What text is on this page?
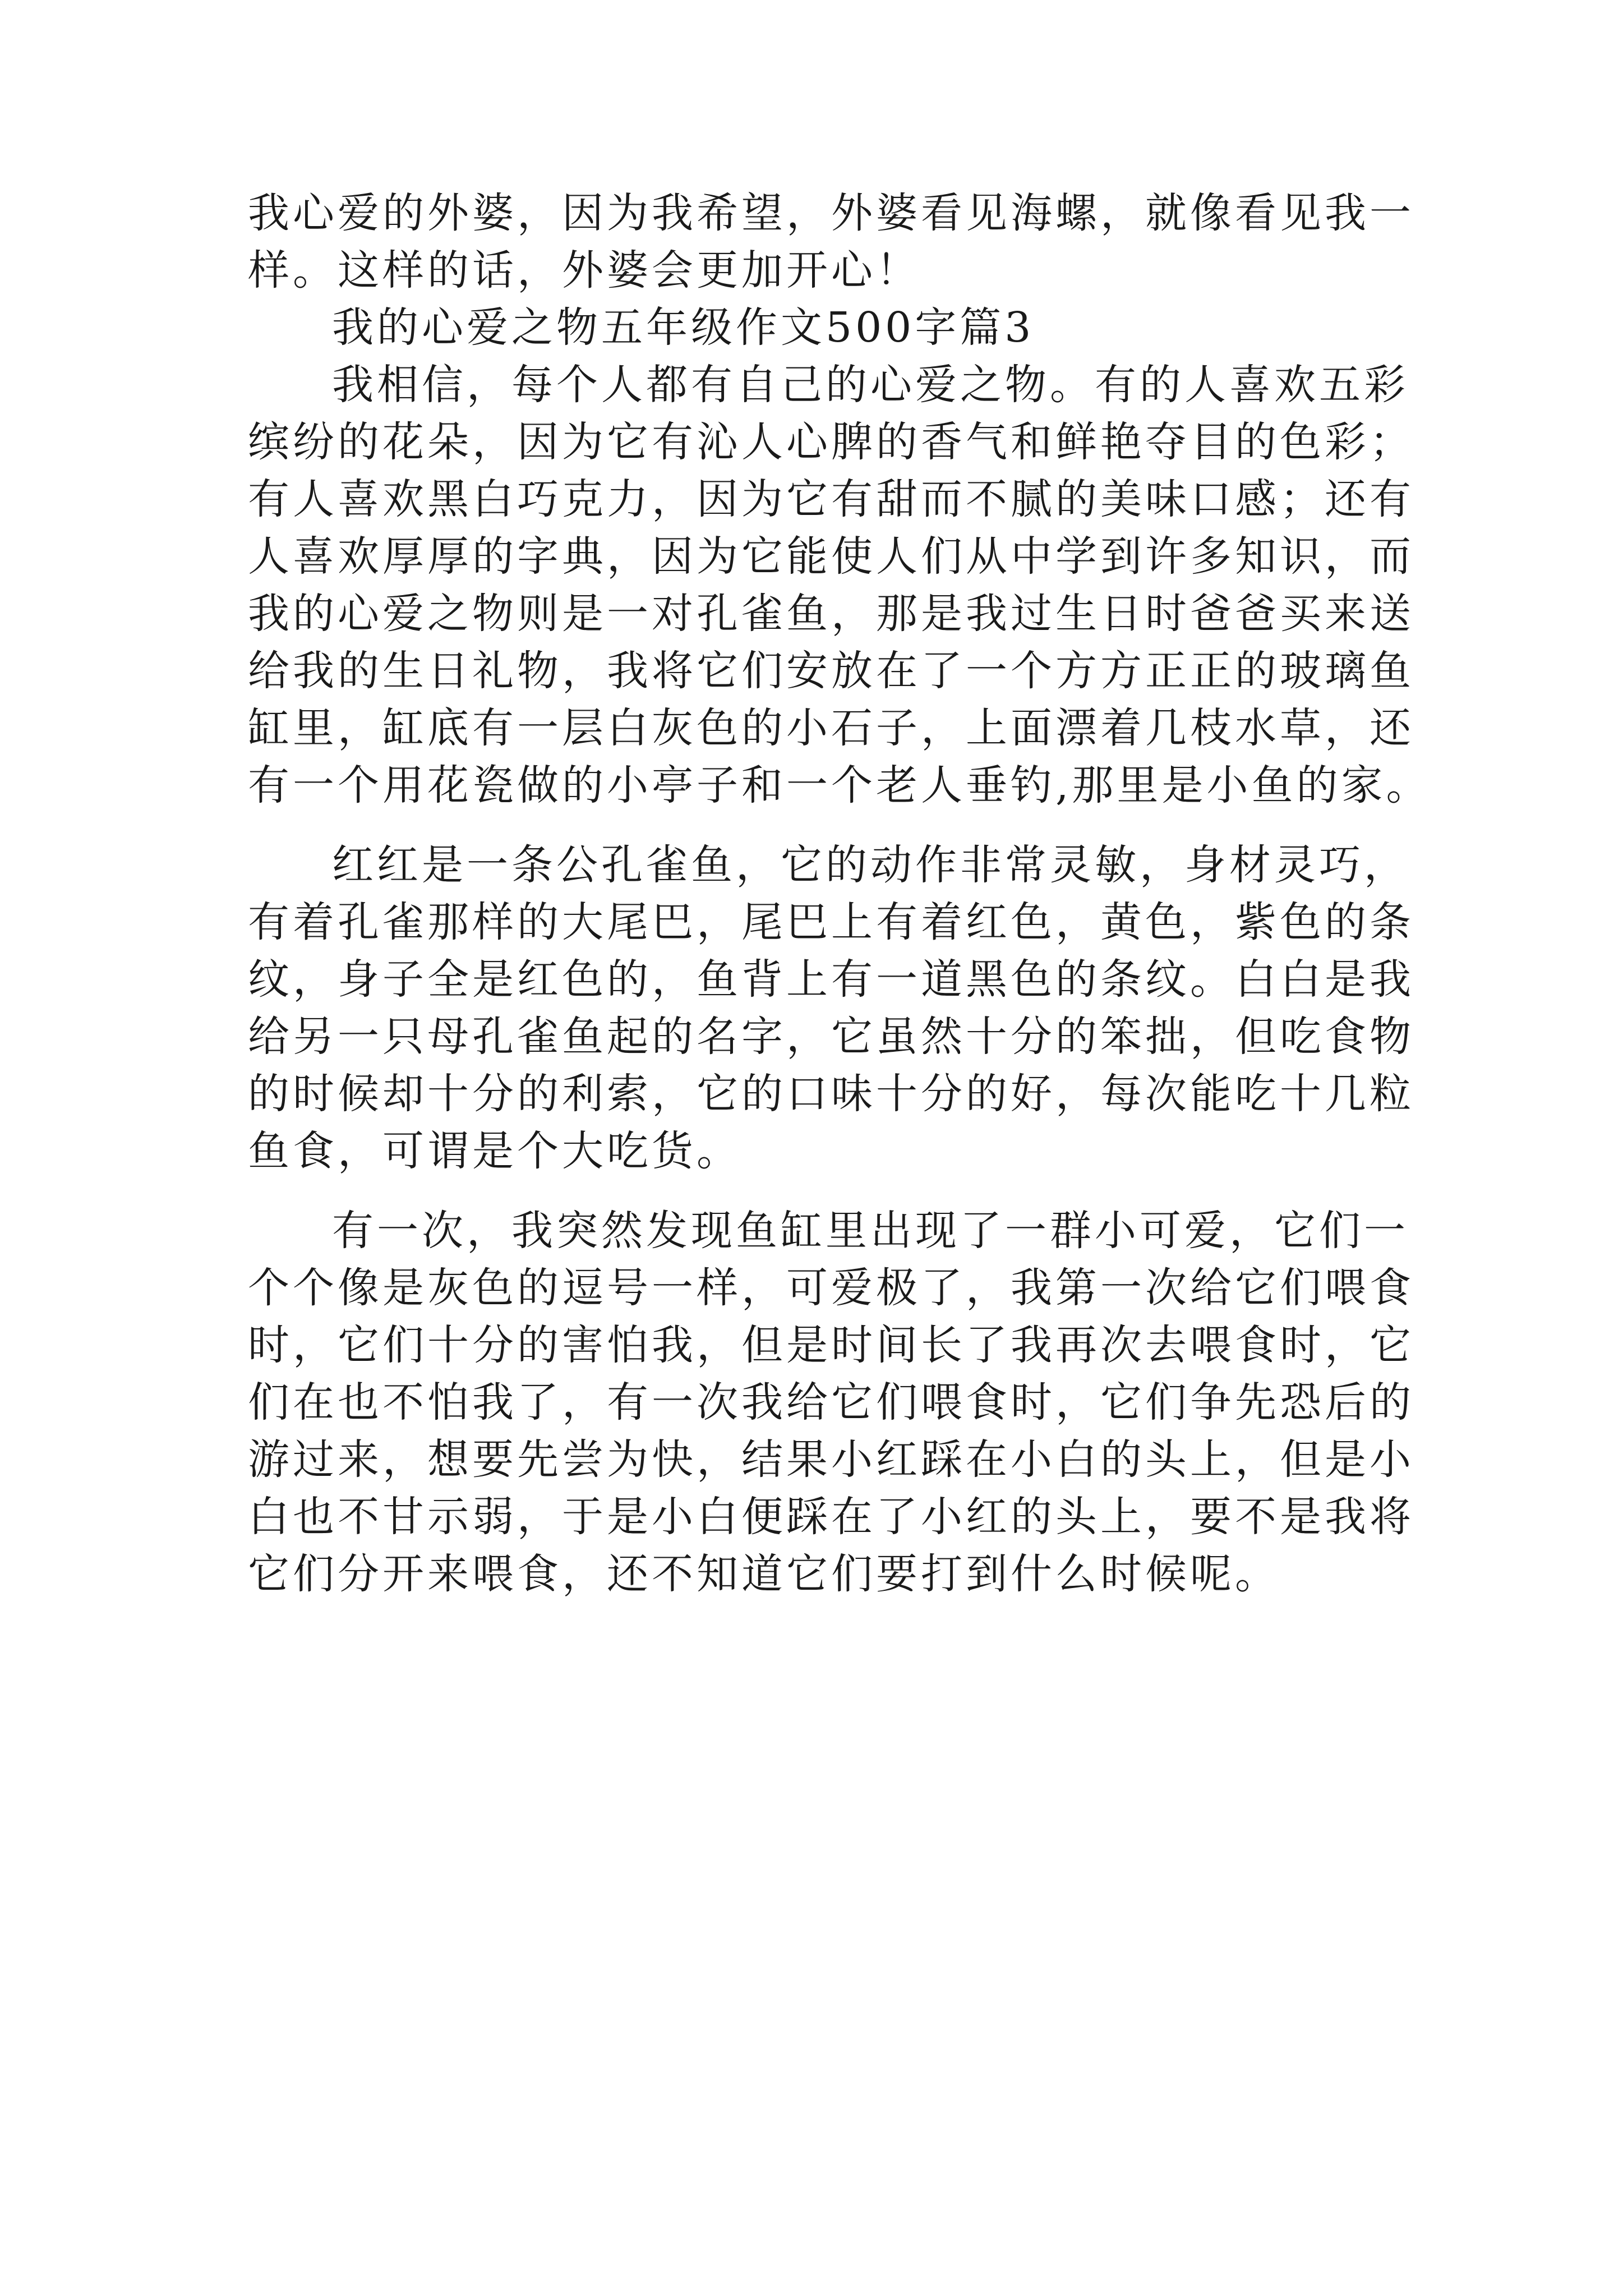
我心爱的外婆，因为我希望，外婆看见海螺，就像看见我一
样。这样的话，外婆会更加开心！
我的心爱之物五年级作文500字篇3
我相信，每个人都有自己的心爱之物。有的人喜欢五彩
缤纷的花朵，因为它有沁人心脾的香气和鲜艳夺目的色彩；
有人喜欢黑白巧克力，因为它有甜而不腻的美味口感；还有
人喜欢厚厚的字典，因为它能使人们从中学到许多知识，而
我的心爱之物则是一对孔雀鱼，那是我过生日时爸爸买来送
给我的生日礼物，我将它们安放在了一个方方正正的玻璃鱼
缸里，缸底有一层白灰色的小石子，上面漂着几枝水草，还
有一个用花瓷做的小亭子和一个老人垂钓,那里是小鱼的家。
红红是一条公孔雀鱼，它的动作非常灵敏，身材灵巧，
有着孔雀那样的大尾巴，尾巴上有着红色，黄色，紫色的条
纹，身子全是红色的，鱼背上有一道黑色的条纹。白白是我
给另一只母孔雀鱼起的名字，它虽然十分的笨拙，但吃食物
的时候却十分的利索，它的口味十分的好，每次能吃十几粒
鱼食，可谓是个大吃货。
有一次，我突然发现鱼缸里出现了一群小可爱，它们一
个个像是灰色的逗号一样，可爱极了，我第一次给它们喂食
时，它们十分的害怕我，但是时间长了我再次去喂食时，它
们在也不怕我了，有一次我给它们喂食时，它们争先恐后的
游过来，想要先尝为快，结果小红踩在小白的头上，但是小
白也不甘示弱，于是小白便踩在了小红的头上，要不是我将
它们分开来喂食，还不知道它们要打到什么时候呢。
